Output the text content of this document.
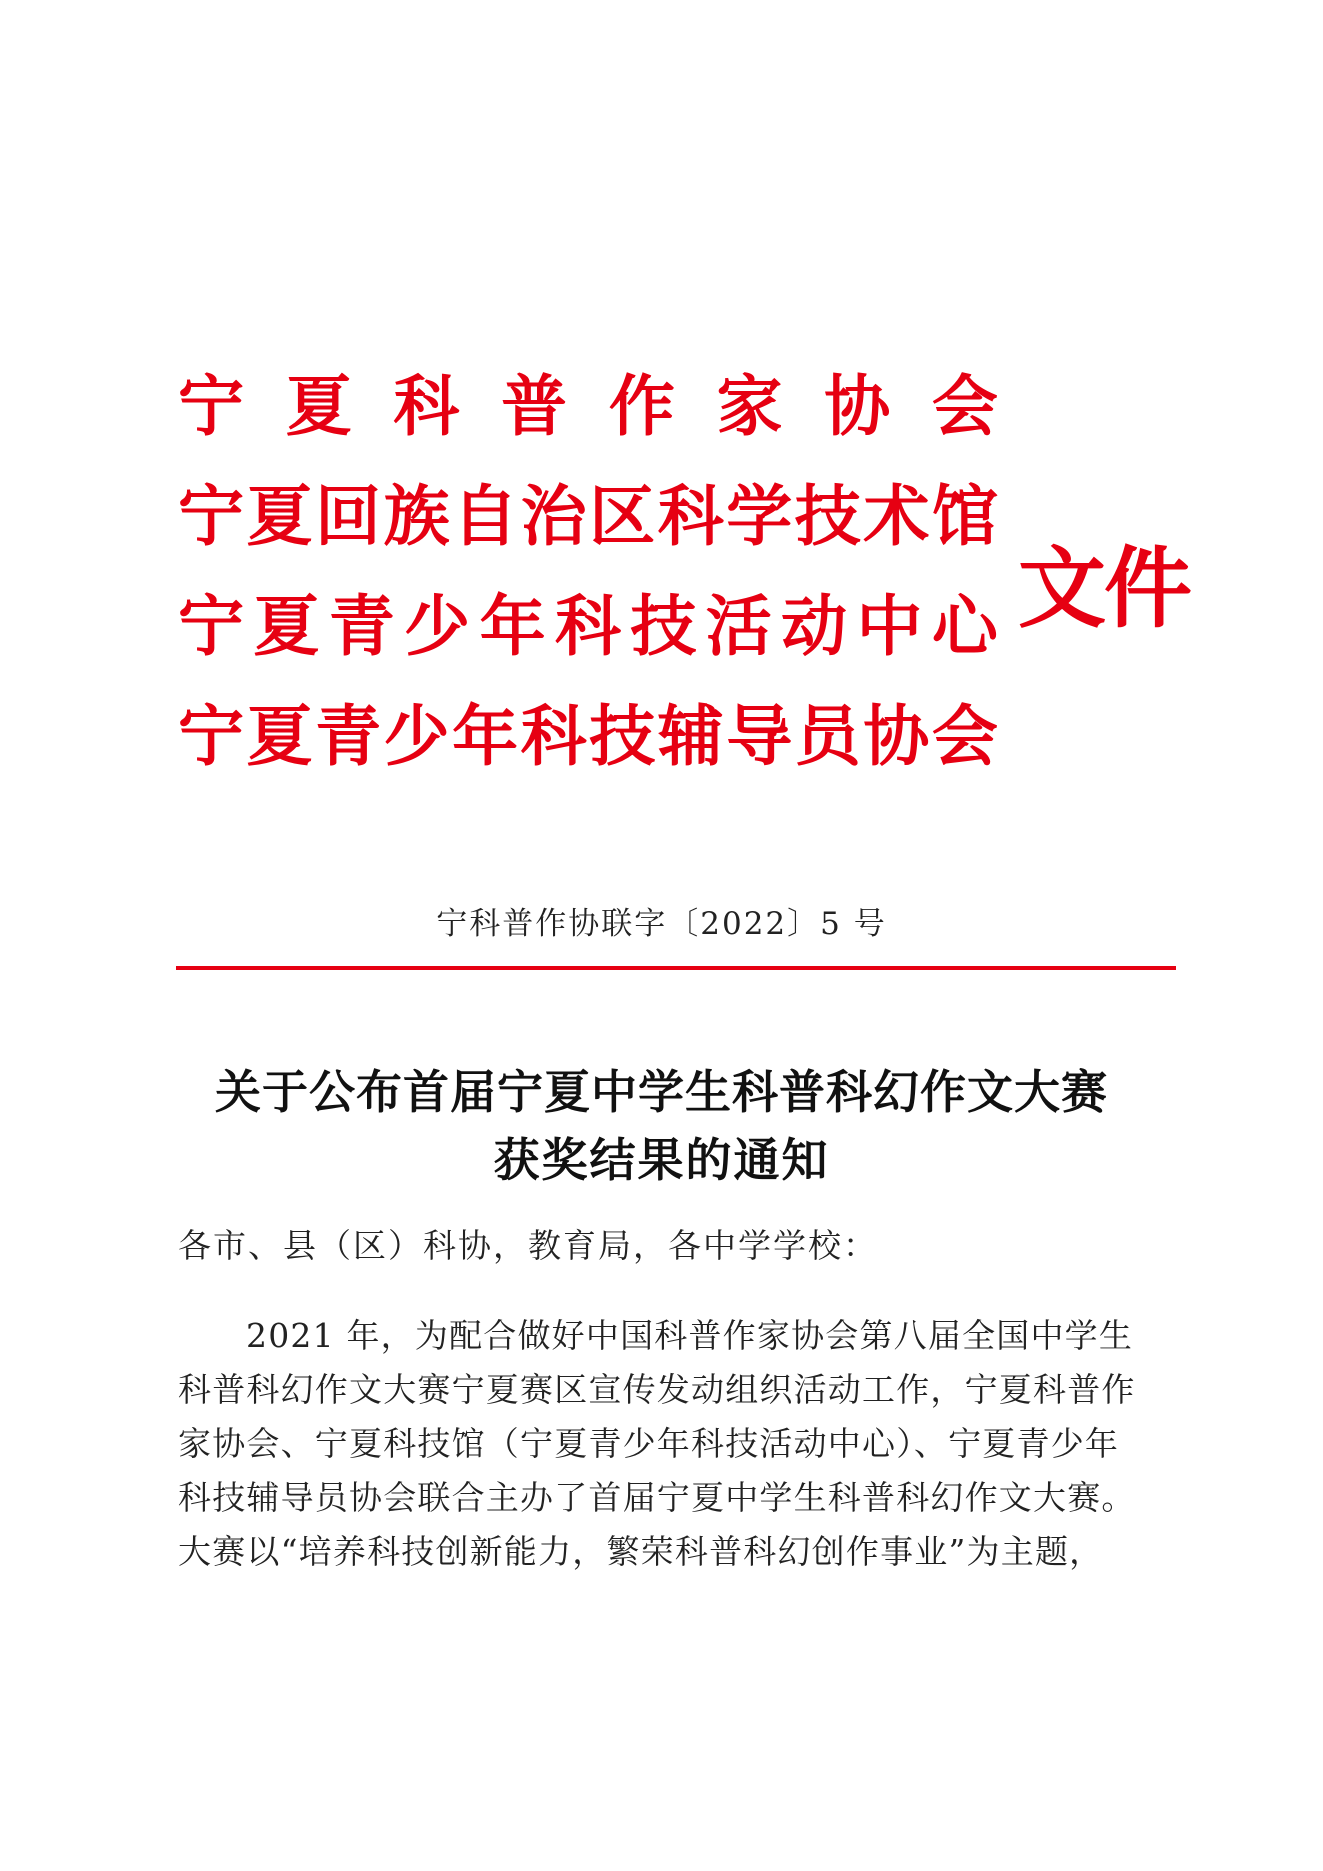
宁 夏 科 普 作 家 协 会
宁 夏 回 族 自 治 区 科 学 技 术 馆
宁 夏 青 少 年 科 技 活 动 中 心
宁 夏 青 少 年 科 技 辅 导 员 协 会
文件
宁科普作协联字〔2022〕5 号
关于公布首届宁夏中学生科普科幻作文大赛
获奖结果的通知
各市、县（区）科协，教育局，各中学学校：
2021 年，为配合做好中国科普作家协会第八届全国中学生
科普科幻作文大赛宁夏赛区宣传发动组织活动工作，宁夏科普作
家协会、宁夏科技馆（宁夏青少年科技活动中心）、宁夏青少年
科技辅导员协会联合主办了首届宁夏中学生科普科幻作文大赛。
大赛以“培养科技创新能力，繁荣科普科幻创作事业”为主题，
